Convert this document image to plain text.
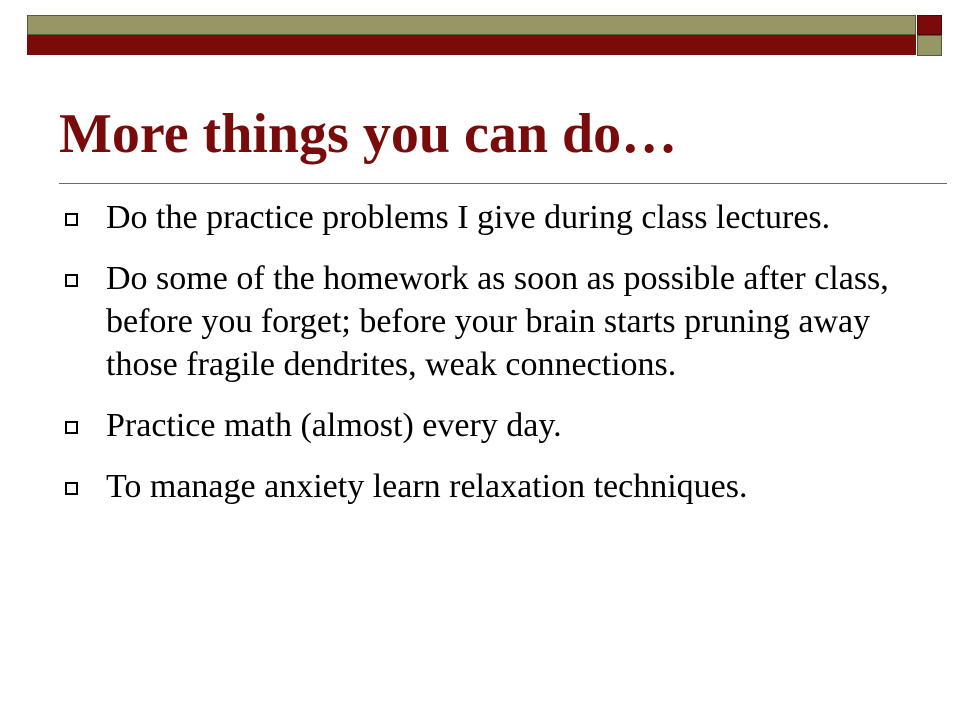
More things you can do…
Do the practice problems I give during class lectures.
Do some of the homework as soon as possible after class, before you forget; before your brain starts pruning away those fragile dendrites, weak connections.
Practice math (almost) every day.
To manage anxiety learn relaxation techniques.
